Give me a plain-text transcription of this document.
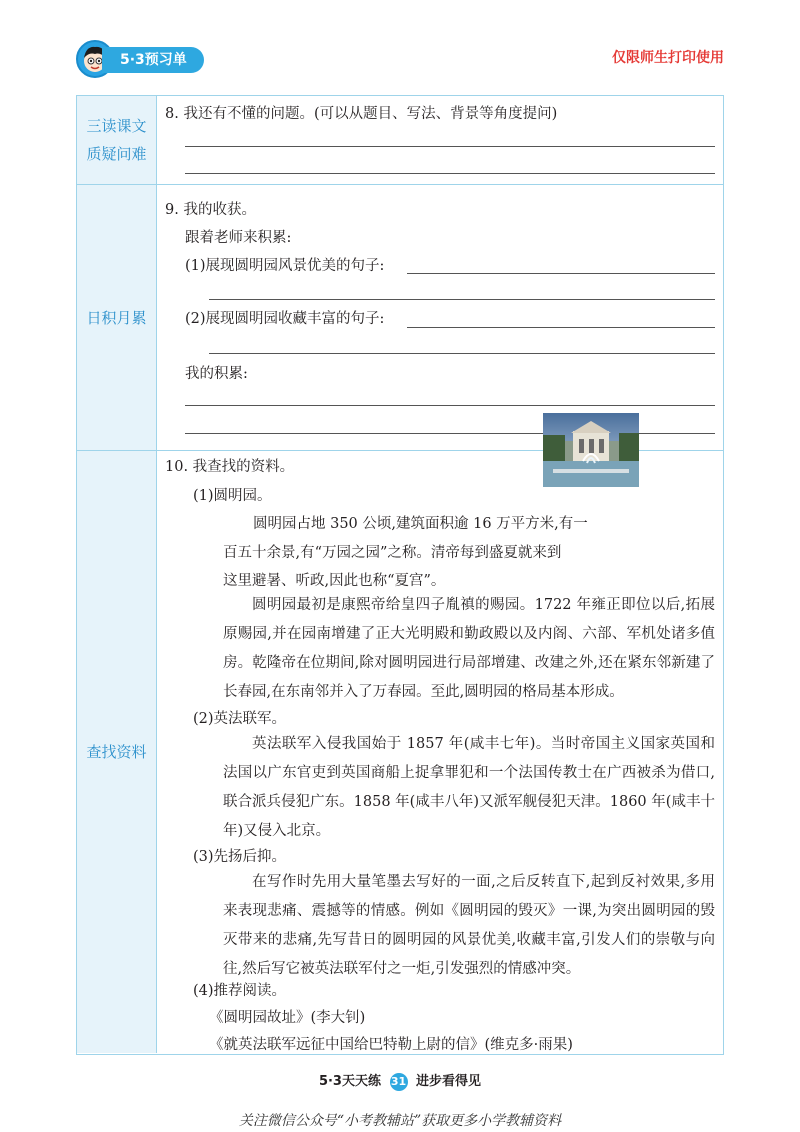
5·3预习单	仅限师生打印使用
三读课文
质疑问难
8. 我还有不懂的问题。(可以从题目、写法、背景等角度提问)
日积月累
9. 我的收获。
跟着老师来积累:
(1)展现圆明园风景优美的句子:
(2)展现圆明园收藏丰富的句子:
我的积累:
查找资料
10. 我查找的资料。
(1)圆明园。
圆明园占地 350 公顷,建筑面积逾 16 万平方米,有一
百五十余景,有“万园之园”之称。清帝每到盛夏就来到
这里避暑、听政,因此也称“夏宫”。
圆明园最初是康熙帝给皇四子胤禛的赐园。1722 年雍正即位以后,拓展原赐园,并在园南增建了正大光明殿和勤政殿以及内阁、六部、军机处诸多值房。乾隆帝在位期间,除对圆明园进行局部增建、改建之外,还在紧东邻新建了长春园,在东南邻并入了万春园。至此,圆明园的格局基本形成。
(2)英法联军。
英法联军入侵我国始于 1857 年(咸丰七年)。当时帝国主义国家英国和法国以广东官吏到英国商船上捉拿罪犯和一个法国传教士在广西被杀为借口,联合派兵侵犯广东。1858 年(咸丰八年)又派军舰侵犯天津。1860 年(咸丰十年)又侵入北京。
(3)先扬后抑。
在写作时先用大量笔墨去写好的一面,之后反转直下,起到反衬效果,多用来表现悲痛、震撼等的情感。例如《圆明园的毁灭》一课,为突出圆明园的毁灭带来的悲痛,先写昔日的圆明园的风景优美,收藏丰富,引发人们的崇敬与向往,然后写它被英法联军付之一炬,引发强烈的情感冲突。
(4)推荐阅读。
《圆明园故址》(李大钊)
《就英法联军远征中国给巴特勒上尉的信》(维克多·雨果)
5·3天天练 31 进步看得见
关注微信公众号“小考教辅站”获取更多小学教辅资料
